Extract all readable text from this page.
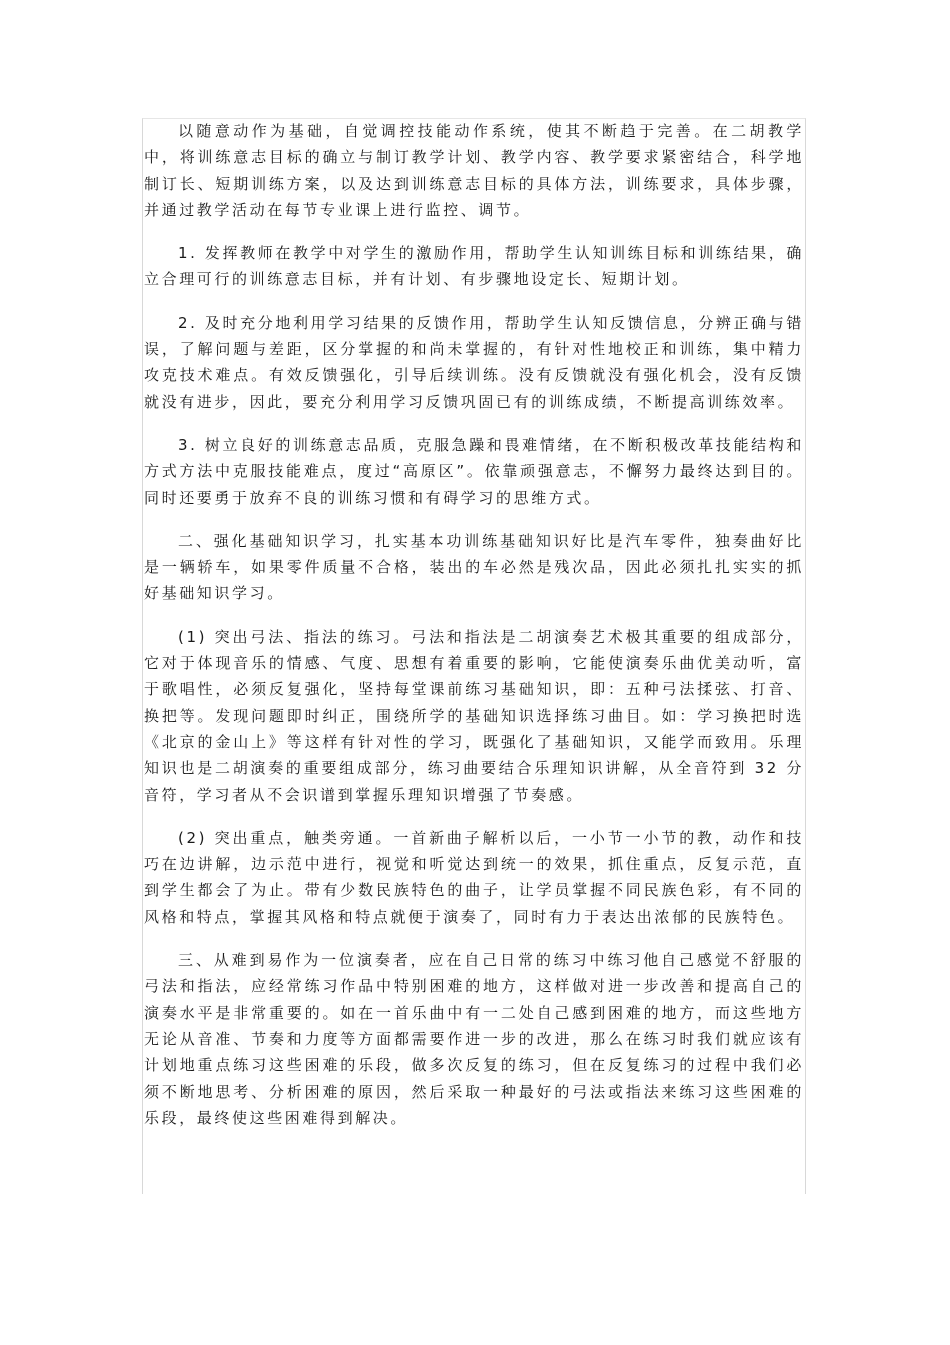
以随意动作为基础，自觉调控技能动作系统，使其不断趋于完善。在二胡教学中，将训练意志目标的确立与制订教学计划、教学内容、教学要求紧密结合，科学地制订长、短期训练方案，以及达到训练意志目标的具体方法，训练要求，具体步骤，并通过教学活动在每节专业课上进行监控、调节。

1. 发挥教师在教学中对学生的激励作用，帮助学生认知训练目标和训练结果，确立合理可行的训练意志目标，并有计划、有步骤地设定长、短期计划。

2. 及时充分地利用学习结果的反馈作用，帮助学生认知反馈信息，分辨正确与错误，了解问题与差距，区分掌握的和尚未掌握的，有针对性地校正和训练，集中精力攻克技术难点。有效反馈强化，引导后续训练。没有反馈就没有强化机会，没有反馈就没有进步，因此，要充分利用学习反馈巩固已有的训练成绩，不断提高训练效率。

3. 树立良好的训练意志品质，克服急躁和畏难情绪，在不断积极改革技能结构和方式方法中克服技能难点，度过“高原区”。依靠顽强意志，不懈努力最终达到目的。同时还要勇于放弃不良的训练习惯和有碍学习的思维方式。

二、强化基础知识学习，扎实基本功训练基础知识好比是汽车零件，独奏曲好比是一辆轿车，如果零件质量不合格，装出的车必然是残次品，因此必须扎扎实实的抓好基础知识学习。

(1) 突出弓法、指法的练习。弓法和指法是二胡演奏艺术极其重要的组成部分，它对于体现音乐的情感、气度、思想有着重要的影响，它能使演奏乐曲优美动听，富于歌唱性，必须反复强化，坚持每堂课前练习基础知识，即：五种弓法揉弦、打音、换把等。发现问题即时纠正，围绕所学的基础知识选择练习曲目。如：学习换把时选《北京的金山上》等这样有针对性的学习，既强化了基础知识，又能学而致用。乐理知识也是二胡演奏的重要组成部分，练习曲要结合乐理知识讲解，从全音符到 32 分音符，学习者从不会识谱到掌握乐理知识增强了节奏感。

(2) 突出重点，触类旁通。一首新曲子解析以后，一小节一小节的教，动作和技巧在边讲解，边示范中进行，视觉和听觉达到统一的效果，抓住重点，反复示范，直到学生都会了为止。带有少数民族特色的曲子，让学员掌握不同民族色彩，有不同的风格和特点，掌握其风格和特点就便于演奏了，同时有力于表达出浓郁的民族特色。

三、从难到易作为一位演奏者，应在自己日常的练习中练习他自己感觉不舒服的弓法和指法，应经常练习作品中特别困难的地方，这样做对进一步改善和提高自己的演奏水平是非常重要的。如在一首乐曲中有一二处自己感到困难的地方，而这些地方无论从音准、节奏和力度等方面都需要作进一步的改进，那么在练习时我们就应该有计划地重点练习这些困难的乐段，做多次反复的练习，但在反复练习的过程中我们必须不断地思考、分析困难的原因，然后采取一种最好的弓法或指法来练习这些困难的乐段，最终使这些困难得到解决。
